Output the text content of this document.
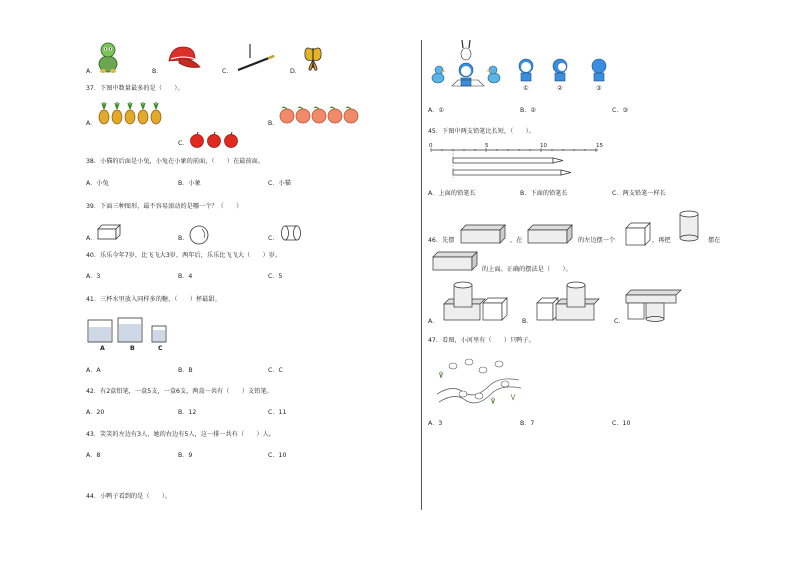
A．	B．	C．	D．
37．下图中数量最多的是（　　）。
A．	B．
C．
38．小猫的后面是小兔，小兔在小象的前面，（　　）在最前面。
A．小兔	B．小象	C．小猫
39．下面三种图形，最不容易滚动的是哪一个？（　　）
A．	B．	C．
40．乐乐今年7岁，比飞飞大3岁，两年后，乐乐比飞飞大（　　）岁。
A．3	B．4	C．5
41．三杯水里放入同样多的糖，（　　）杯最甜。
A	B	C
A．A	B．B	C．C
42．有2盒铅笔，一盒5支，一盒6支，两盒一共有（　　）支铅笔。
A．20	B．12	C．11
43．笑笑的左边有3人，她的右边有5人，这一排一共有（　　）人。
A．8	B．9	C．10
44．小鸭子看到的是（　　）。
①	②	③
A．①	B．②	C．③
45．下图中两支铅笔比长短，（　　）。
0	5	10	15
A．上面的铅笔长	B．下面的铅笔长	C．两支铅笔一样长
46．先摆	，在	的左边摆一个	，再把	摆在
的上面。正确的摆法是（　　）。
A．	B．	C．
47．看图，小河里有（　　）只鸭子。
A．3	B．7	C．10
